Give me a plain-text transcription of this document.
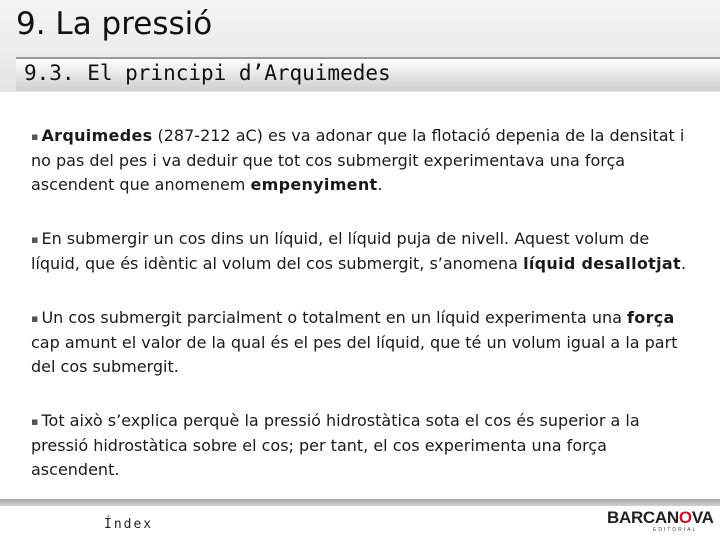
9. La pressió
9.3. El principi d’Arquimedes

▪ Arquimedes (287-212 aC) es va adonar que la flotació depenia de la densitat i no pas del pes i va deduir que tot cos submergit experimentava una força ascendent que anomenem empenyiment.

▪ En submergir un cos dins un líquid, el líquid puja de nivell. Aquest volum de líquid, que és idèntic al volum del cos submergit, s’anomena líquid desallotjat.

▪ Un cos submergit parcialment o totalment en un líquid experimenta una força cap amunt el valor de la qual és el pes del líquid, que té un volum igual a la part del cos submergit.

▪ Tot això s’explica perquè la pressió hidrostàtica sota el cos és superior a la pressió hidrostàtica sobre el cos; per tant, el cos experimenta una força ascendent.

Índex	BARCANOVA
EDITORIAL
